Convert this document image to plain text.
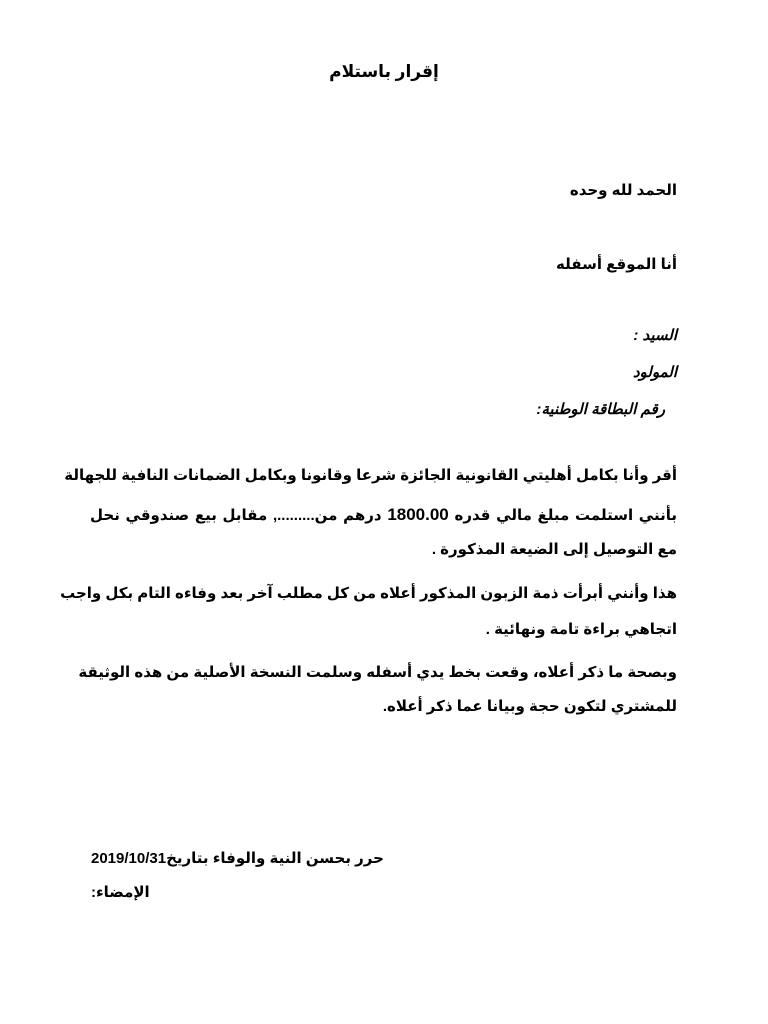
إقرار باستلام
الحمد لله وحده
أنا الموقع أسفله
السيد :
المولود
رقم البطاقة الوطنية:
أقر وأنا بكامل أهليتي القانونية الجائزة شرعا وقانونا وبكامل الضمانات النافية للجهالة
بأنني استلمت مبلغ مالي قدره 1800.00 درهم من........., مقابل بيع صندوقي نحل
مع التوصيل إلى الضيعة المذكورة .
هذا وأنني أبرأت ذمة الزبون المذكور أعلاه من كل مطلب آخر بعد وفاءه التام بكل واجب
اتجاهي براءة تامة ونهائية .
وبصحة ما ذكر أعلاه، وقعت بخط يدي أسفله وسلمت النسخة الأصلية من هذه الوثيقة
للمشتري لتكون حجة وبيانا عما ذكر أعلاه.
حرر بحسن النية والوفاء بتاريخ2019/10/31
الإمضاء:
